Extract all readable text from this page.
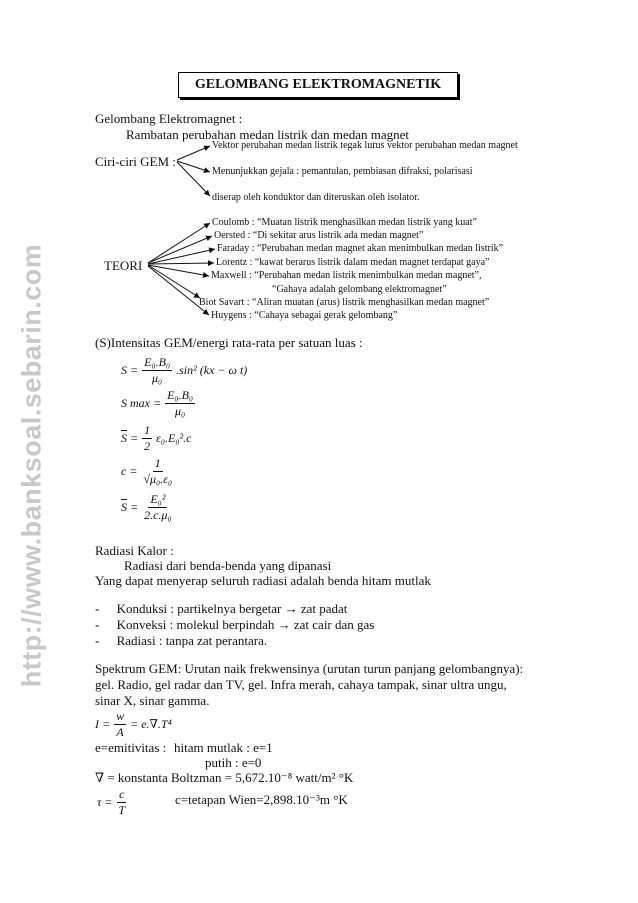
http://www.banksoal.sebarin.com
GELOMBANG ELEKTROMAGNETIK
Gelombang Elektromagnet :
Rambatan perubahan medan listrik dan medan magnet
Ciri-ciri GEM :
Vektor perubahan medan listrik tegak lurus vektor perubahan medan magnet
Menunjukkan gejala : pemantulan, pembiasan difraksi, polarisasi
diserap oleh konduktor dan diteruskan oleh isolator.
TEORI
Coulomb : “Muatan listrik menghasilkan medan listrik yang kuat”
Oersted : “Di sekitar arus listrik ada medan magnet”
Faraday : “Perubahan medan magnet akan menimbulkan medan listrik”
Lorentz : “kawat berarus listrik dalam medan magnet terdapat gaya”
Maxwell : “Perubahan medan listrik menimbulkan medan magnet”,
“Gahaya adalah gelombang elektromagnet”
Biot Savart : “Aliran muatan (arus) listrik menghasilkan medan magnet”
Huygens : “Cahaya sebagai gerak gelombang”
(S)Intensitas GEM/energi rata-rata per satuan luas :
$S = \frac{\text{E₀.B₀}}{\text{μ₀}} .\sin^2$ (kx − ω t)
S $\max = \frac{\text{E₀.B₀}}{\text{μ₀}}$
$\overline{S} = \frac{1}{2} \varepsilon_0.E_0^2.c$
$c = \frac{1}{\text{√μ₀.ε₀}}$
$\overline{S} = \frac{\text{E₀²}}{\text{2.c.μ₀}}$
Radiasi Kalor :
Radiasi dari benda-benda yang dipanasi
Yang dapat menyerap seluruh radiasi adalah benda hitam mutlak
- Konduksi : partikelnya bergetar → zat padat
- Konveksi : molekul berpindah → zat cair dan gas
- Radiasi : tanpa zat perantara.
Spektrum GEM: Urutan naik frekwensinya (urutan turun panjang gelombangnya):
gel. Radio, gel radar dan TV, gel. Infra merah, cahaya tampak, sinar ultra ungu,
sinar X, sinar gamma.
$I = \frac{w}{A} = e.\nabla.T^4$
e=emitivitas : hitam mutlak : e=1
putih : e=0
∇ = konstanta Boltzman = 5,672.10⁻⁸ watt/m² °K
$\tau = \frac{c}{T}$	c=tetapan Wien=2,898.10⁻³m °K
